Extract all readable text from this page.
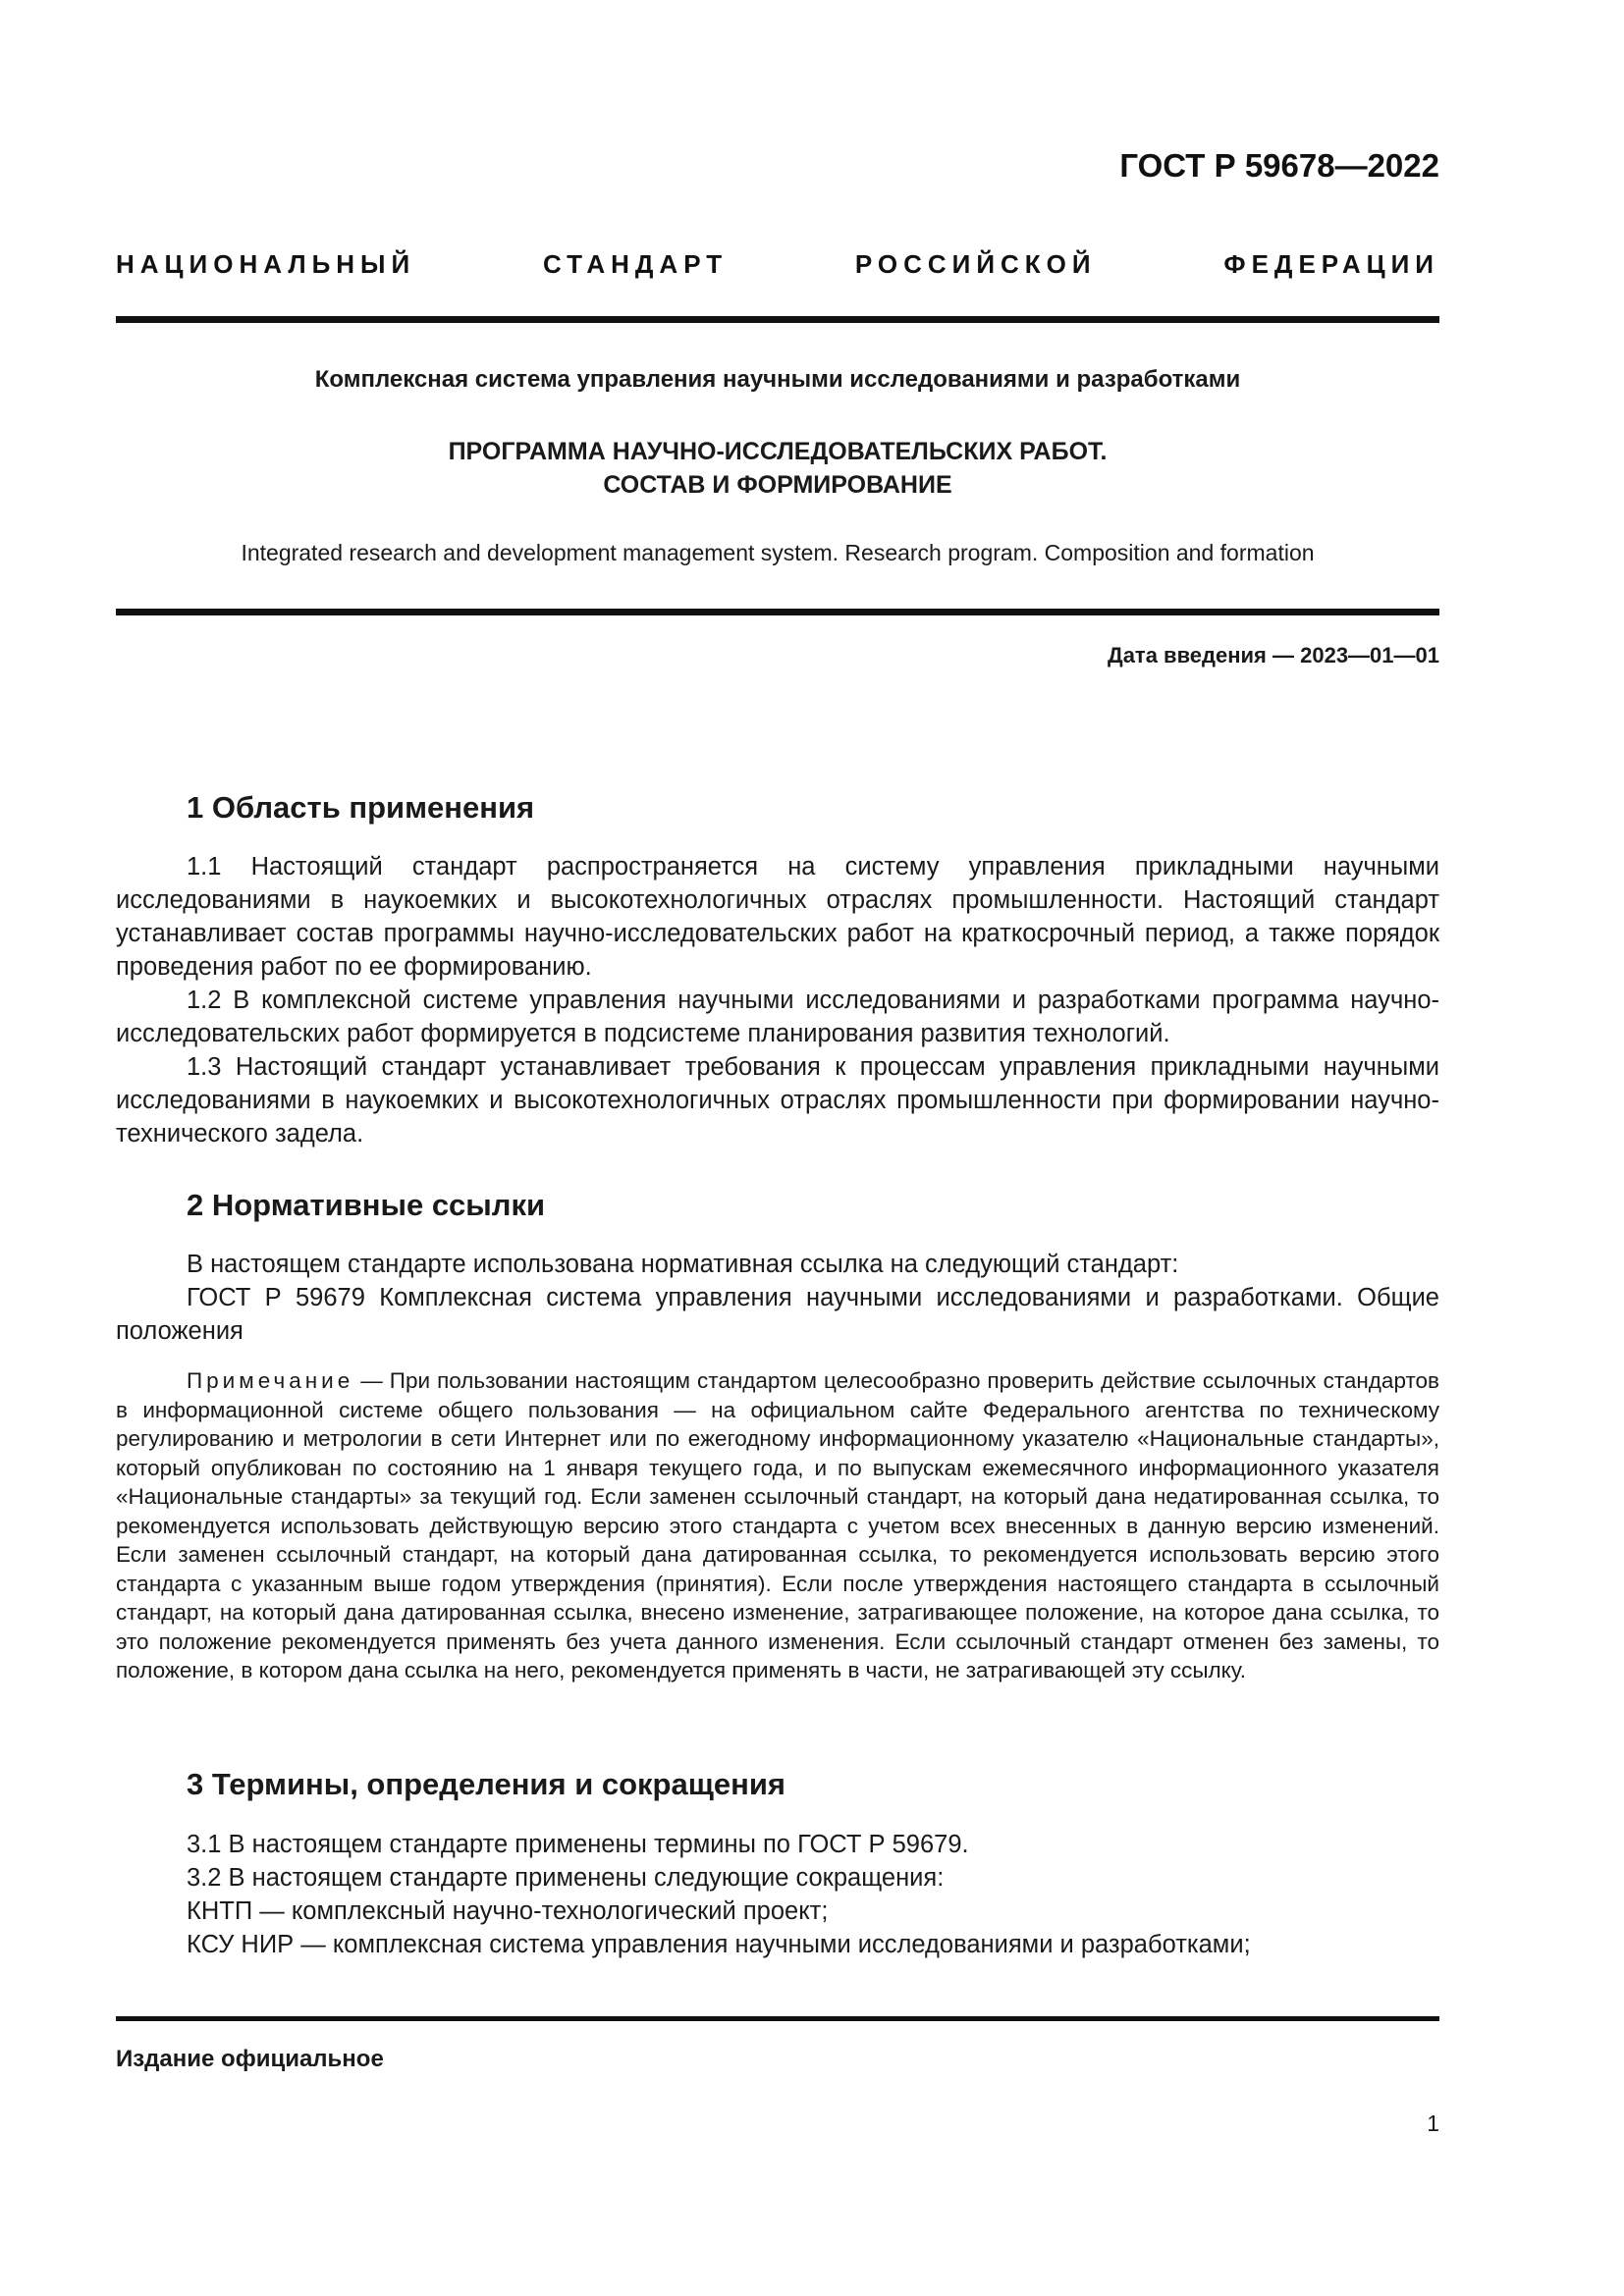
ГОСТ Р 59678—2022
НАЦИОНАЛЬНЫЙ СТАНДАРТ РОССИЙСКОЙ ФЕДЕРАЦИИ
Комплексная система управления научными исследованиями и разработками
ПРОГРАММА НАУЧНО-ИССЛЕДОВАТЕЛЬСКИХ РАБОТ.
СОСТАВ И ФОРМИРОВАНИЕ
Integrated research and development management system. Research program. Composition and formation
Дата введения — 2023—01—01
1 Область применения

1.1 Настоящий стандарт распространяется на систему управления прикладными научными исследованиями в наукоемких и высокотехнологичных отраслях промышленности. Настоящий стандарт устанавливает состав программы научно-исследовательских работ на краткосрочный период, а также порядок проведения работ по ее формированию.

1.2 В комплексной системе управления научными исследованиями и разработками программа научно-исследовательских работ формируется в подсистеме планирования развития технологий.

1.3 Настоящий стандарт устанавливает требования к процессам управления прикладными научными исследованиями в наукоемких и высокотехнологичных отраслях промышленности при формировании научно-технического задела.

2 Нормативные ссылки

В настоящем стандарте использована нормативная ссылка на следующий стандарт:

ГОСТ Р 59679 Комплексная система управления научными исследованиями и разработками. Общие положения

Примечание — При пользовании настоящим стандартом целесообразно проверить действие ссылочных стандартов в информационной системе общего пользования — на официальном сайте Федерального агентства по техническому регулированию и метрологии в сети Интернет или по ежегодному информационному указателю «Национальные стандарты», который опубликован по состоянию на 1 января текущего года, и по выпускам ежемесячного информационного указателя «Национальные стандарты» за текущий год. Если заменен ссылочный стандарт, на который дана недатированная ссылка, то рекомендуется использовать действующую версию этого стандарта с учетом всех внесенных в данную версию изменений. Если заменен ссылочный стандарт, на который дана датированная ссылка, то рекомендуется использовать версию этого стандарта с указанным выше годом утверждения (принятия). Если после утверждения настоящего стандарта в ссылочный стандарт, на который дана датированная ссылка, внесено изменение, затрагивающее положение, на которое дана ссылка, то это положение рекомендуется применять без учета данного изменения. Если ссылочный стандарт отменен без замены, то положение, в котором дана ссылка на него, рекомендуется применять в части, не затрагивающей эту ссылку.

3 Термины, определения и сокращения

3.1 В настоящем стандарте применены термины по ГОСТ Р 59679.

3.2 В настоящем стандарте применены следующие сокращения:

КНТП — комплексный научно-технологический проект;

КСУ НИР — комплексная система управления научными исследованиями и разработками;

Издание официальное
1
